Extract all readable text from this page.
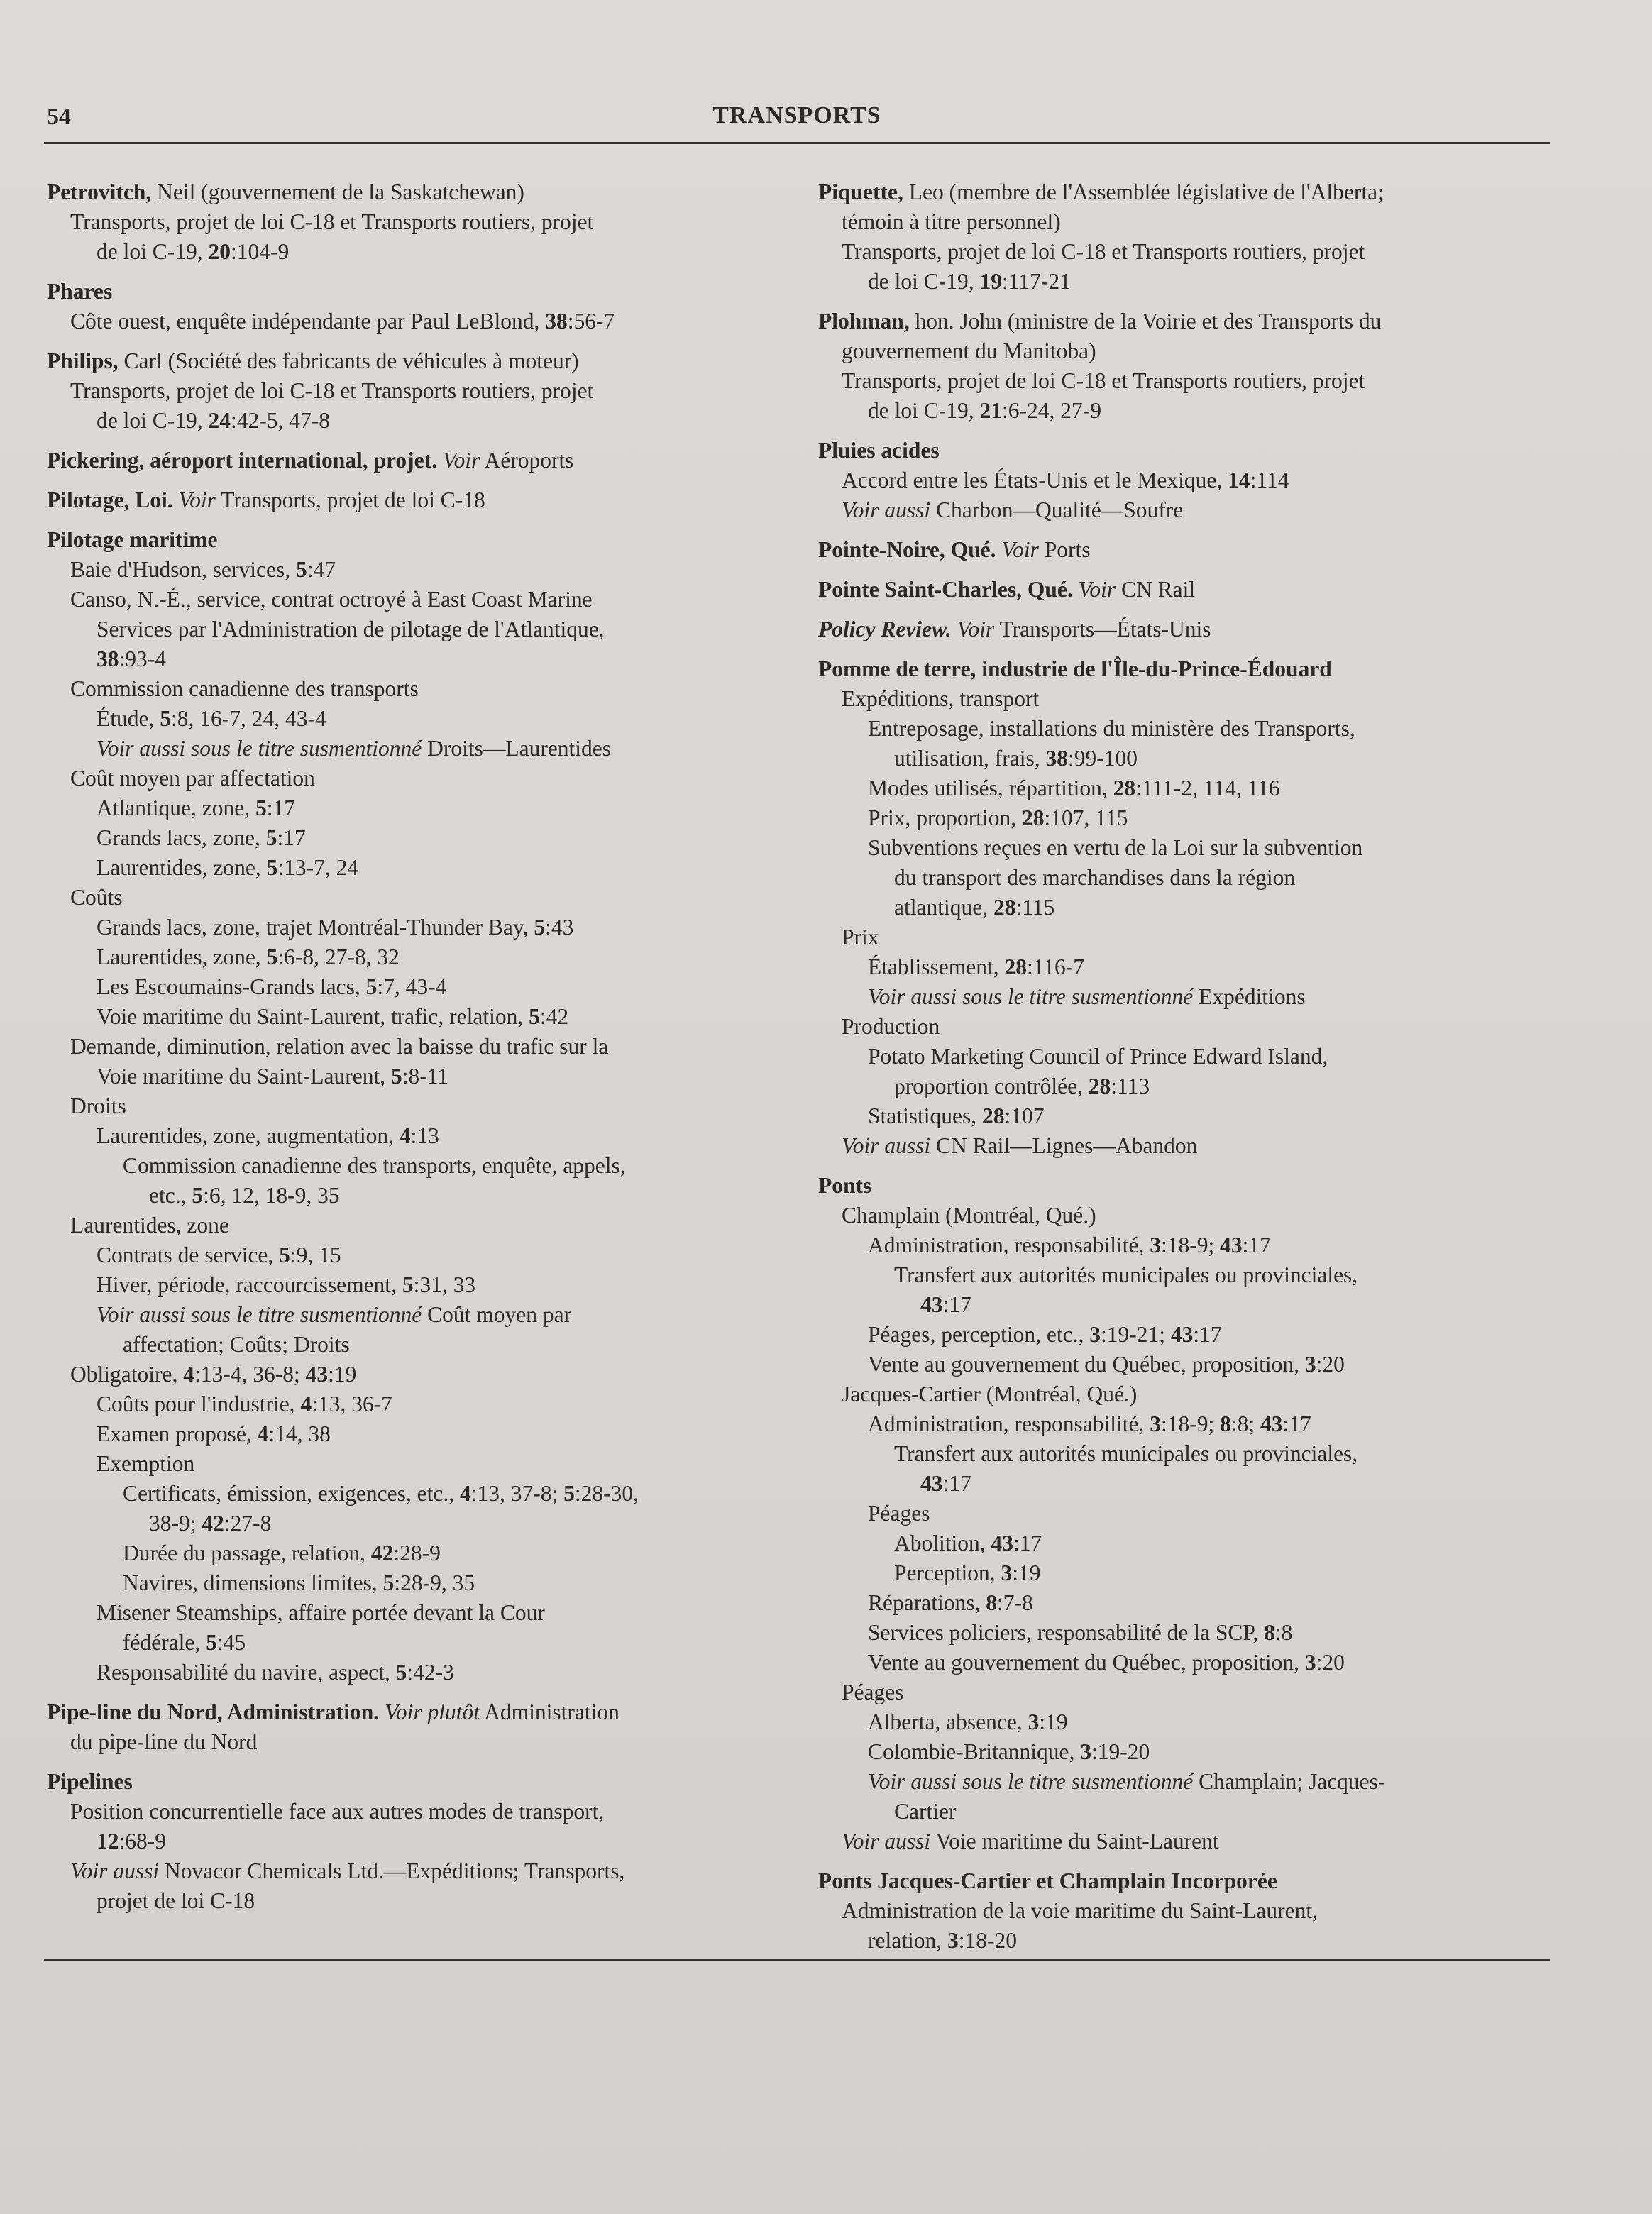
54	TRANSPORTS
Petrovitch, Neil (gouvernement de la Saskatchewan)
Transports, projet de loi C-18 et Transports routiers, projet
de loi C-19, 20:104-9
Phares
Côte ouest, enquête indépendante par Paul LeBlond, 38:56-7
Philips, Carl (Société des fabricants de véhicules à moteur)
Transports, projet de loi C-18 et Transports routiers, projet
de loi C-19, 24:42-5, 47-8
Pickering, aéroport international, projet. Voir Aéroports
Pilotage, Loi. Voir Transports, projet de loi C-18
Pilotage maritime
Baie d'Hudson, services, 5:47
Canso, N.-É., service, contrat octroyé à East Coast Marine
Services par l'Administration de pilotage de l'Atlantique,
38:93-4
Commission canadienne des transports
Étude, 5:8, 16-7, 24, 43-4
Voir aussi sous le titre susmentionné Droits—Laurentides
Coût moyen par affectation
Atlantique, zone, 5:17
Grands lacs, zone, 5:17
Laurentides, zone, 5:13-7, 24
Coûts
Grands lacs, zone, trajet Montréal-Thunder Bay, 5:43
Laurentides, zone, 5:6-8, 27-8, 32
Les Escoumains-Grands lacs, 5:7, 43-4
Voie maritime du Saint-Laurent, trafic, relation, 5:42
Demande, diminution, relation avec la baisse du trafic sur la
Voie maritime du Saint-Laurent, 5:8-11
Droits
Laurentides, zone, augmentation, 4:13
Commission canadienne des transports, enquête, appels,
etc., 5:6, 12, 18-9, 35
Laurentides, zone
Contrats de service, 5:9, 15
Hiver, période, raccourcissement, 5:31, 33
Voir aussi sous le titre susmentionné Coût moyen par
affectation; Coûts; Droits
Obligatoire, 4:13-4, 36-8; 43:19
Coûts pour l'industrie, 4:13, 36-7
Examen proposé, 4:14, 38
Exemption
Certificats, émission, exigences, etc., 4:13, 37-8; 5:28-30,
38-9; 42:27-8
Durée du passage, relation, 42:28-9
Navires, dimensions limites, 5:28-9, 35
Misener Steamships, affaire portée devant la Cour
fédérale, 5:45
Responsabilité du navire, aspect, 5:42-3
Pipe-line du Nord, Administration. Voir plutôt Administration
du pipe-line du Nord
Pipelines
Position concurrentielle face aux autres modes de transport,
12:68-9
Voir aussi Novacor Chemicals Ltd.—Expéditions; Transports,
projet de loi C-18
Piquette, Leo (membre de l'Assemblée législative de l'Alberta;
témoin à titre personnel)
Transports, projet de loi C-18 et Transports routiers, projet
de loi C-19, 19:117-21
Plohman, hon. John (ministre de la Voirie et des Transports du
gouvernement du Manitoba)
Transports, projet de loi C-18 et Transports routiers, projet
de loi C-19, 21:6-24, 27-9
Pluies acides
Accord entre les États-Unis et le Mexique, 14:114
Voir aussi Charbon—Qualité—Soufre
Pointe-Noire, Qué. Voir Ports
Pointe Saint-Charles, Qué. Voir CN Rail
Policy Review. Voir Transports—États-Unis
Pomme de terre, industrie de l'Île-du-Prince-Édouard
Expéditions, transport
Entreposage, installations du ministère des Transports,
utilisation, frais, 38:99-100
Modes utilisés, répartition, 28:111-2, 114, 116
Prix, proportion, 28:107, 115
Subventions reçues en vertu de la Loi sur la subvention
du transport des marchandises dans la région
atlantique, 28:115
Prix
Établissement, 28:116-7
Voir aussi sous le titre susmentionné Expéditions
Production
Potato Marketing Council of Prince Edward Island,
proportion contrôlée, 28:113
Statistiques, 28:107
Voir aussi CN Rail—Lignes—Abandon
Ponts
Champlain (Montréal, Qué.)
Administration, responsabilité, 3:18-9; 43:17
Transfert aux autorités municipales ou provinciales,
43:17
Péages, perception, etc., 3:19-21; 43:17
Vente au gouvernement du Québec, proposition, 3:20
Jacques-Cartier (Montréal, Qué.)
Administration, responsabilité, 3:18-9; 8:8; 43:17
Transfert aux autorités municipales ou provinciales,
43:17
Péages
Abolition, 43:17
Perception, 3:19
Réparations, 8:7-8
Services policiers, responsabilité de la SCP, 8:8
Vente au gouvernement du Québec, proposition, 3:20
Péages
Alberta, absence, 3:19
Colombie-Britannique, 3:19-20
Voir aussi sous le titre susmentionné Champlain; Jacques-
Cartier
Voir aussi Voie maritime du Saint-Laurent
Ponts Jacques-Cartier et Champlain Incorporée
Administration de la voie maritime du Saint-Laurent,
relation, 3:18-20
